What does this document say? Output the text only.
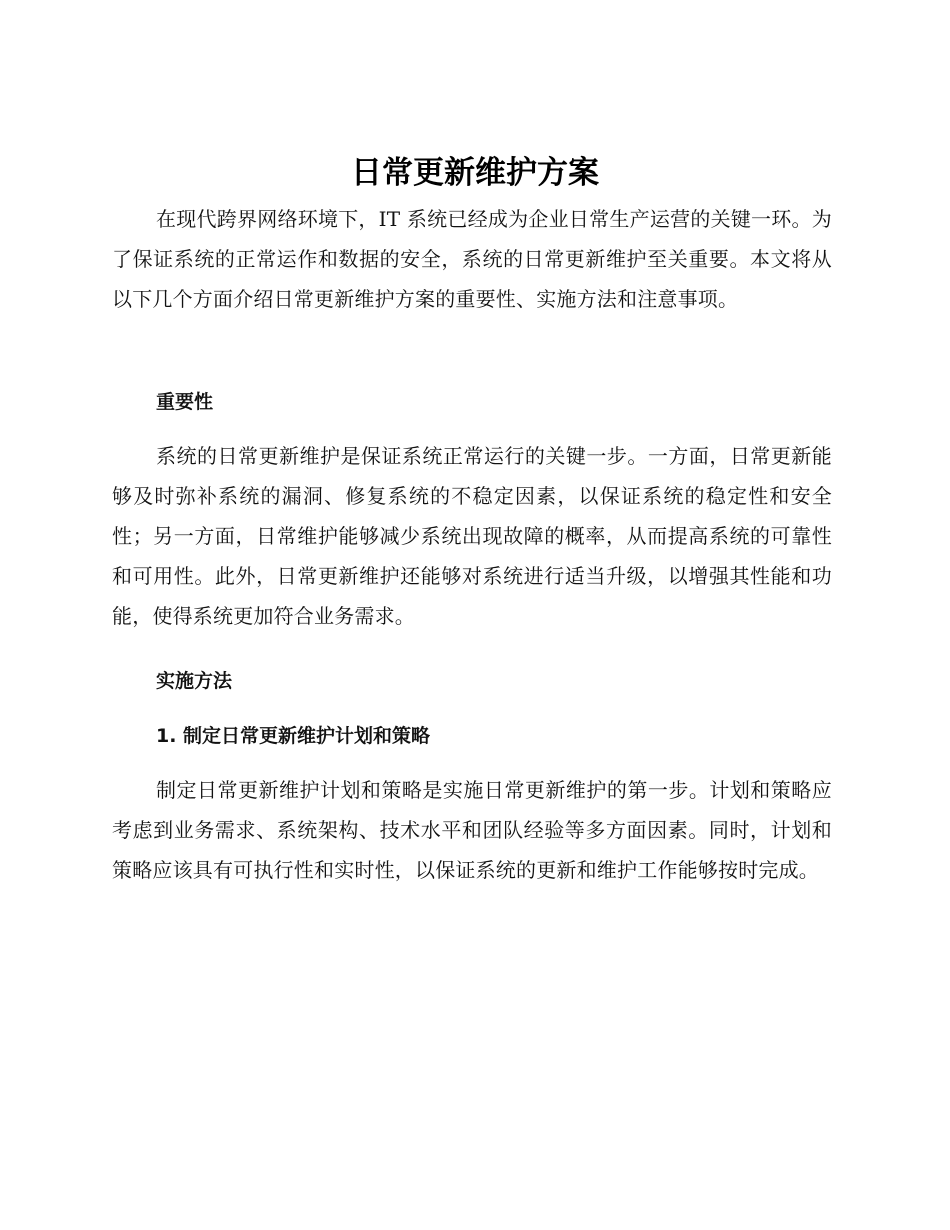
日常更新维护方案

在现代跨界网络环境下，IT 系统已经成为企业日常生产运营的关键一环。为了保证系统的正常运作和数据的安全，系统的日常更新维护至关重要。本文将从以下几个方面介绍日常更新维护方案的重要性、实施方法和注意事项。

重要性

系统的日常更新维护是保证系统正常运行的关键一步。一方面，日常更新能够及时弥补系统的漏洞、修复系统的不稳定因素，以保证系统的稳定性和安全性；另一方面，日常维护能够减少系统出现故障的概率，从而提高系统的可靠性和可用性。此外，日常更新维护还能够对系统进行适当升级，以增强其性能和功能，使得系统更加符合业务需求。

实施方法
1. 制定日常更新维护计划和策略

制定日常更新维护计划和策略是实施日常更新维护的第一步。计划和策略应考虑到业务需求、系统架构、技术水平和团队经验等多方面因素。同时，计划和策略应该具有可执行性和实时性，以保证系统的更新和维护工作能够按时完成。
